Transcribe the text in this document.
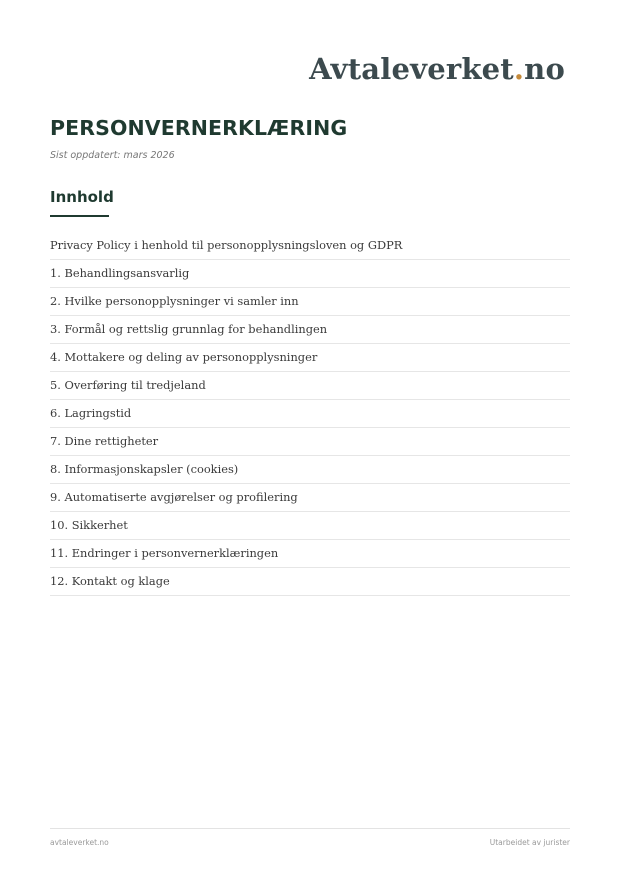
Avtaleverket.no
PERSONVERNERKLÆRING
Sist oppdatert: mars 2026
Innhold
Privacy Policy i henhold til personopplysningsloven og GDPR
1. Behandlingsansvarlig
2. Hvilke personopplysninger vi samler inn
3. Formål og rettslig grunnlag for behandlingen
4. Mottakere og deling av personopplysninger
5. Overføring til tredjeland
6. Lagringstid
7. Dine rettigheter
8. Informasjonskapsler (cookies)
9. Automatiserte avgjørelser og profilering
10. Sikkerhet
11. Endringer i personvernerklæringen
12. Kontakt og klage
avtaleverket.no	Utarbeidet av jurister
